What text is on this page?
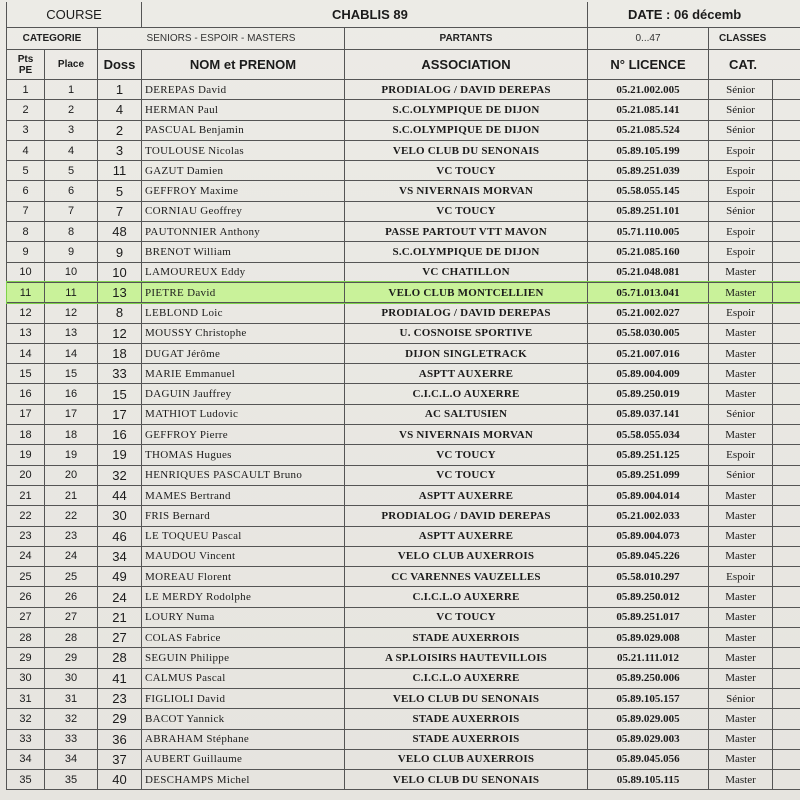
COURSE			CHABLIS 89		DATE : 06 décemb		
CATEGORIE		SENIORS - ESPOIR - MASTERS		PARTANTS	0...47	CLASSES	
Pts PE	Place	Doss	NOM et PRENOM	ASSOCIATION	N° LICENCE	CAT.	
1	1	1	DEREPAS David	PRODIALOG / DAVID DEREPAS	05.21.002.005	Sénior	
2	2	4	HERMAN Paul	S.C.OLYMPIQUE DE DIJON	05.21.085.141	Sénior	
3	3	2	PASCUAL Benjamin	S.C.OLYMPIQUE DE DIJON	05.21.085.524	Sénior	
4	4	3	TOULOUSE Nicolas	VELO CLUB DU SENONAIS	05.89.105.199	Espoir	
5	5	11	GAZUT Damien	VC TOUCY	05.89.251.039	Espoir	
6	6	5	GEFFROY Maxime	VS NIVERNAIS MORVAN	05.58.055.145	Espoir	
7	7	7	CORNIAU Geoffrey	VC TOUCY	05.89.251.101	Sénior	
8	8	48	PAUTONNIER Anthony	PASSE PARTOUT VTT MAVON	05.71.110.005	Espoir	
9	9	9	BRENOT William	S.C.OLYMPIQUE DE DIJON	05.21.085.160	Espoir	
10	10	10	LAMOUREUX Eddy	VC CHATILLON	05.21.048.081	Master	
11	11	13	PIETRE David	VELO CLUB MONTCELLIEN	05.71.013.041	Master	
12	12	8	LEBLOND Loic	PRODIALOG / DAVID DEREPAS	05.21.002.027	Espoir	
13	13	12	MOUSSY Christophe	U. COSNOISE SPORTIVE	05.58.030.005	Master	
14	14	18	DUGAT Jérôme	DIJON SINGLETRACK	05.21.007.016	Master	
15	15	33	MARIE Emmanuel	ASPTT AUXERRE	05.89.004.009	Master	
16	16	15	DAGUIN Jauffrey	C.I.C.L.O AUXERRE	05.89.250.019	Master	
17	17	17	MATHIOT Ludovic	AC SALTUSIEN	05.89.037.141	Sénior	
18	18	16	GEFFROY Pierre	VS NIVERNAIS MORVAN	05.58.055.034	Master	
19	19	19	THOMAS Hugues	VC TOUCY	05.89.251.125	Espoir	
20	20	32	HENRIQUES PASCAULT Bruno	VC TOUCY	05.89.251.099	Sénior	
21	21	44	MAMES Bertrand	ASPTT AUXERRE	05.89.004.014	Master	
22	22	30	FRIS Bernard	PRODIALOG / DAVID DEREPAS	05.21.002.033	Master	
23	23	46	LE TOQUEU Pascal	ASPTT AUXERRE	05.89.004.073	Master	
24	24	34	MAUDOU Vincent	VELO CLUB AUXERROIS	05.89.045.226	Master	
25	25	49	MOREAU Florent	CC VARENNES VAUZELLES	05.58.010.297	Espoir	
26	26	24	LE MERDY Rodolphe	C.I.C.L.O AUXERRE	05.89.250.012	Master	
27	27	21	LOURY Numa	VC TOUCY	05.89.251.017	Master	
28	28	27	COLAS Fabrice	STADE AUXERROIS	05.89.029.008	Master	
29	29	28	SEGUIN Philippe	A SP.LOISIRS HAUTEVILLOIS	05.21.111.012	Master	
30	30	41	CALMUS Pascal	C.I.C.L.O AUXERRE	05.89.250.006	Master	
31	31	23	FIGLIOLI David	VELO CLUB DU SENONAIS	05.89.105.157	Sénior	
32	32	29	BACOT Yannick	STADE AUXERROIS	05.89.029.005	Master	
33	33	36	ABRAHAM Stéphane	STADE AUXERROIS	05.89.029.003	Master	
34	34	37	AUBERT Guillaume	VELO CLUB AUXERROIS	05.89.045.056	Master	
35	35	40	DESCHAMPS Michel	VELO CLUB DU SENONAIS	05.89.105.115	Master	
